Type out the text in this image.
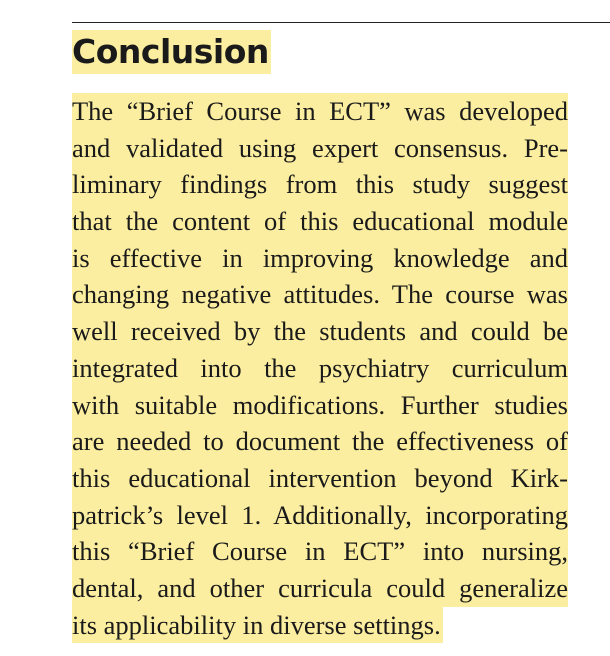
Conclusion
The “Brief Course in ECT” was developed
and validated using expert consensus. Pre-
liminary findings from this study suggest
that the content of this educational module
is effective in improving knowledge and
changing negative attitudes. The course was
well received by the students and could be
integrated into the psychiatry curriculum
with suitable modifications. Further studies
are needed to document the effectiveness of
this educational intervention beyond Kirk-
patrick’s level 1. Additionally, incorporating
this “Brief Course in ECT” into nursing,
dental, and other curricula could generalize
its applicability in diverse settings.
